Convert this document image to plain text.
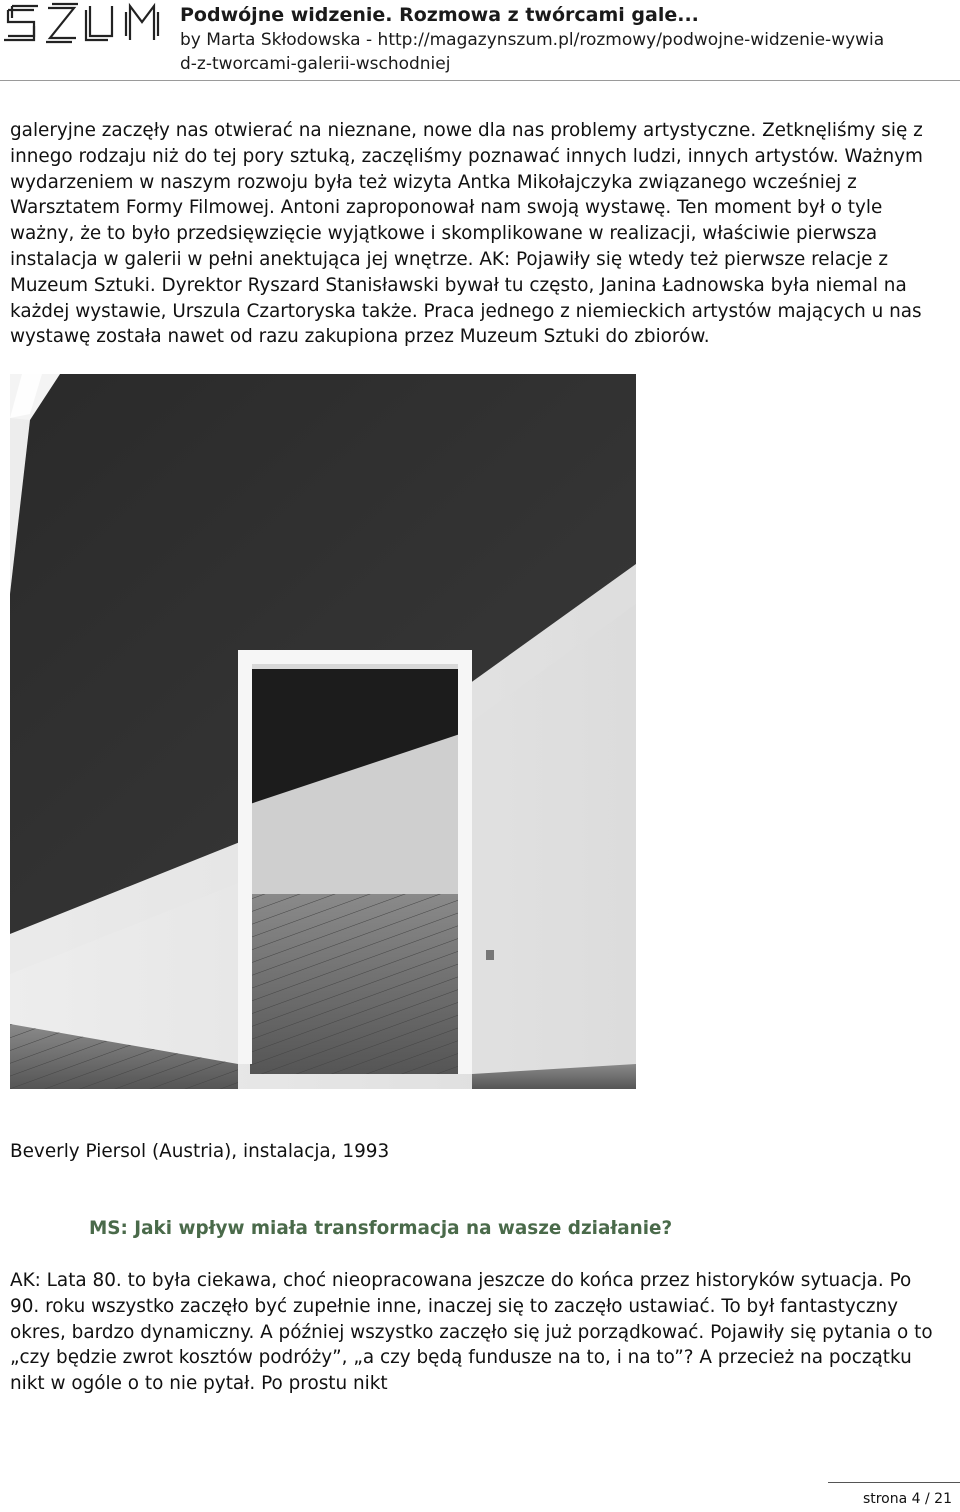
Podwójne widzenie. Rozmowa z twórcami gale...
by Marta Skłodowska - http://magazynszum.pl/rozmowy/podwojne-widzenie-wywia
d-z-tworcami-galerii-wschodniej

galeryjne zaczęły nas otwierać na nieznane, nowe dla nas problemy artystyczne. Zetknęliśmy się z innego rodzaju niż do tej pory sztuką, zaczęliśmy poznawać innych ludzi, innych artystów. Ważnym wydarzeniem w naszym rozwoju była też wizyta Antka Mikołajczyka związanego wcześniej z Warsztatem Formy Filmowej. Antoni zaproponował nam swoją wystawę. Ten moment był o tyle ważny, że to było przedsięwzięcie wyjątkowe i skomplikowane w realizacji, właściwie pierwsza instalacja w galerii w pełni anektująca jej wnętrze. AK: Pojawiły się wtedy też pierwsze relacje z Muzeum Sztuki. Dyrektor Ryszard Stanisławski bywał tu często, Janina Ładnowska była niemal na każdej wystawie, Urszula Czartoryska także. Praca jednego z niemieckich artystów mających u nas wystawę została nawet od razu zakupiona przez Muzeum Sztuki do zbiorów.

Beverly Piersol (Austria), instalacja, 1993
MS: Jaki wpływ miała transformacja na wasze działanie?

AK: Lata 80. to była ciekawa, choć nieopracowana jeszcze do końca przez historyków sytuacja. Po 90. roku wszystko zaczęło być zupełnie inne, inaczej się to zaczęło ustawiać. To był fantastyczny okres, bardzo dynamiczny. A później wszystko zaczęło się już porządkować. Pojawiły się pytania o to „czy będzie zwrot kosztów podróży”, „a czy będą fundusze na to, i na to”? A przecież na początku nikt w ogóle o to nie pytał. Po prostu nikt

strona 4 / 21
